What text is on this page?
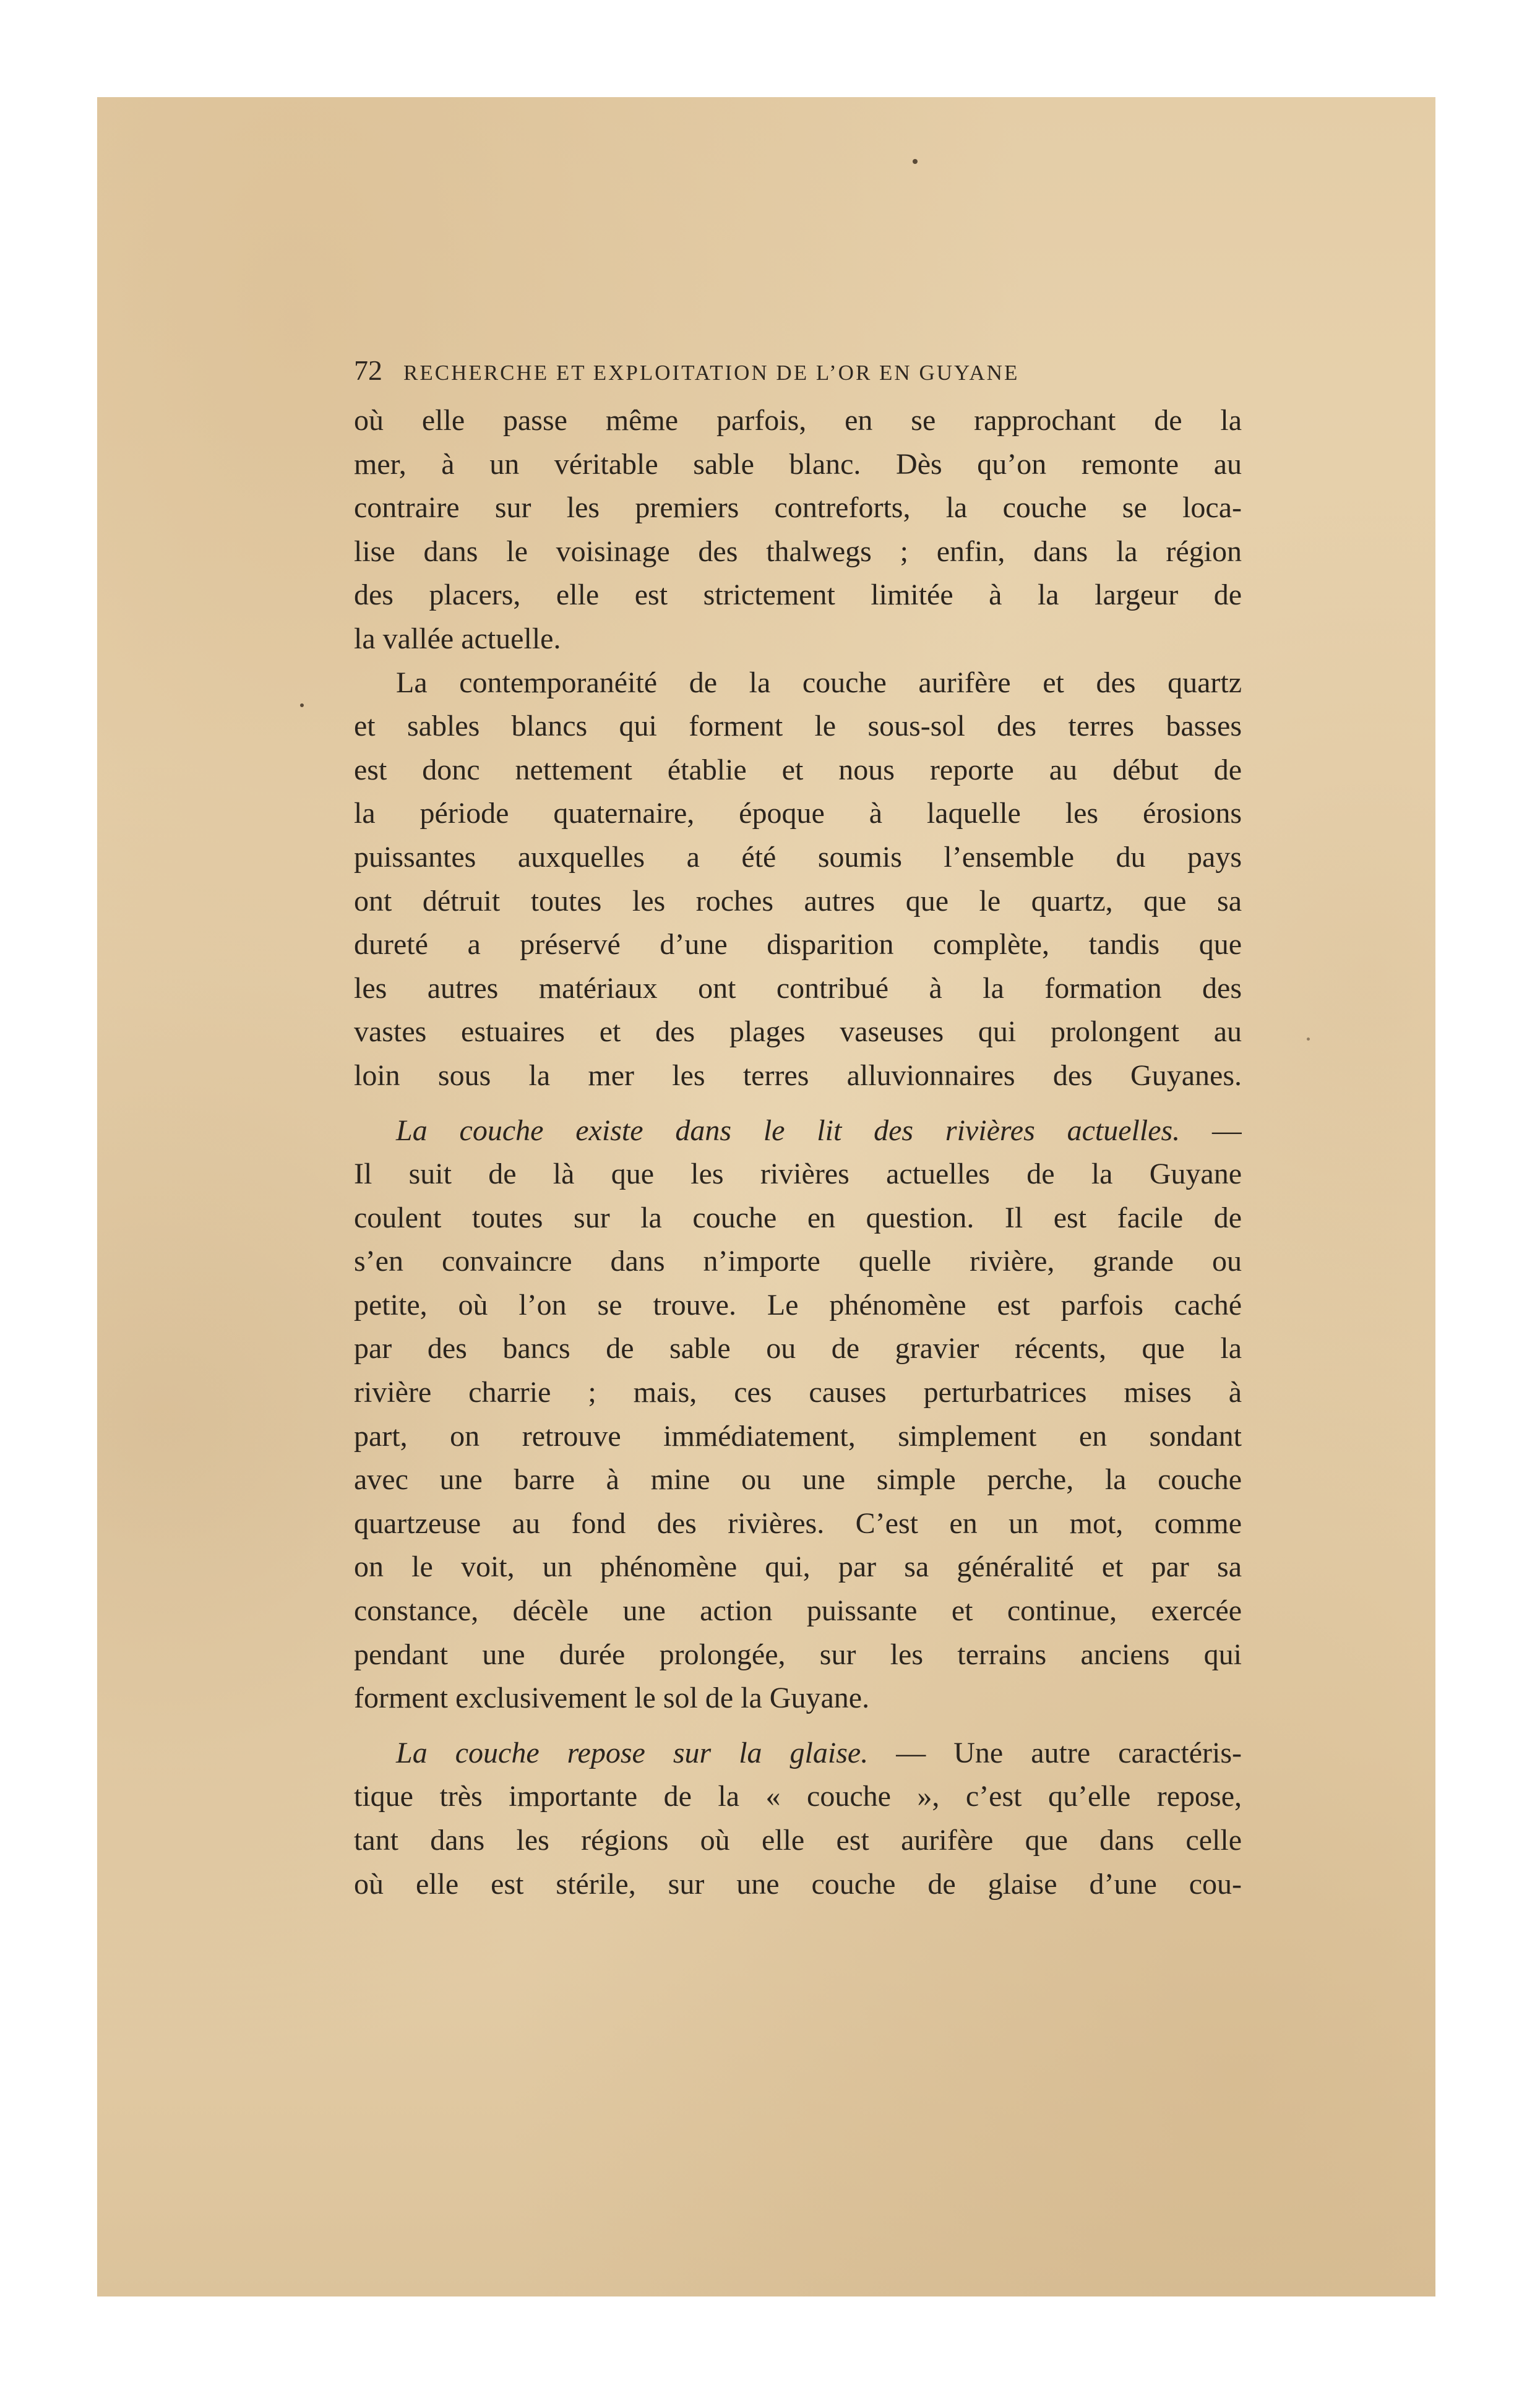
72 RECHERCHE ET EXPLOITATION DE L’OR EN GUYANE
où elle passe même parfois, en se rapprochant de la
mer, à un véritable sable blanc. Dès qu’on remonte au
contraire sur les premiers contreforts, la couche se loca-
lise dans le voisinage des thalwegs ; enfin, dans la région
des placers, elle est strictement limitée à la largeur de
la vallée actuelle.
La contemporanéité de la couche aurifère et des quartz
et sables blancs qui forment le sous-sol des terres basses
est donc nettement établie et nous reporte au début de
la période quaternaire, époque à laquelle les érosions
puissantes auxquelles a été soumis l’ensemble du pays
ont détruit toutes les roches autres que le quartz, que sa
dureté a préservé d’une disparition complète, tandis que
les autres matériaux ont contribué à la formation des
vastes estuaires et des plages vaseuses qui prolongent au
loin sous la mer les terres alluvionnaires des Guyanes.
La couche existe dans le lit des rivières actuelles. —
Il suit de là que les rivières actuelles de la Guyane
coulent toutes sur la couche en question. Il est facile de
s’en convaincre dans n’importe quelle rivière, grande ou
petite, où l’on se trouve. Le phénomène est parfois caché
par des bancs de sable ou de gravier récents, que la
rivière charrie ; mais, ces causes perturbatrices mises à
part, on retrouve immédiatement, simplement en sondant
avec une barre à mine ou une simple perche, la couche
quartzeuse au fond des rivières. C’est en un mot, comme
on le voit, un phénomène qui, par sa généralité et par sa
constance, décèle une action puissante et continue, exercée
pendant une durée prolongée, sur les terrains anciens qui
forment exclusivement le sol de la Guyane.
La couche repose sur la glaise. — Une autre caractéris-
tique très importante de la « couche », c’est qu’elle repose,
tant dans les régions où elle est aurifère que dans celle
où elle est stérile, sur une couche de glaise d’une cou-
